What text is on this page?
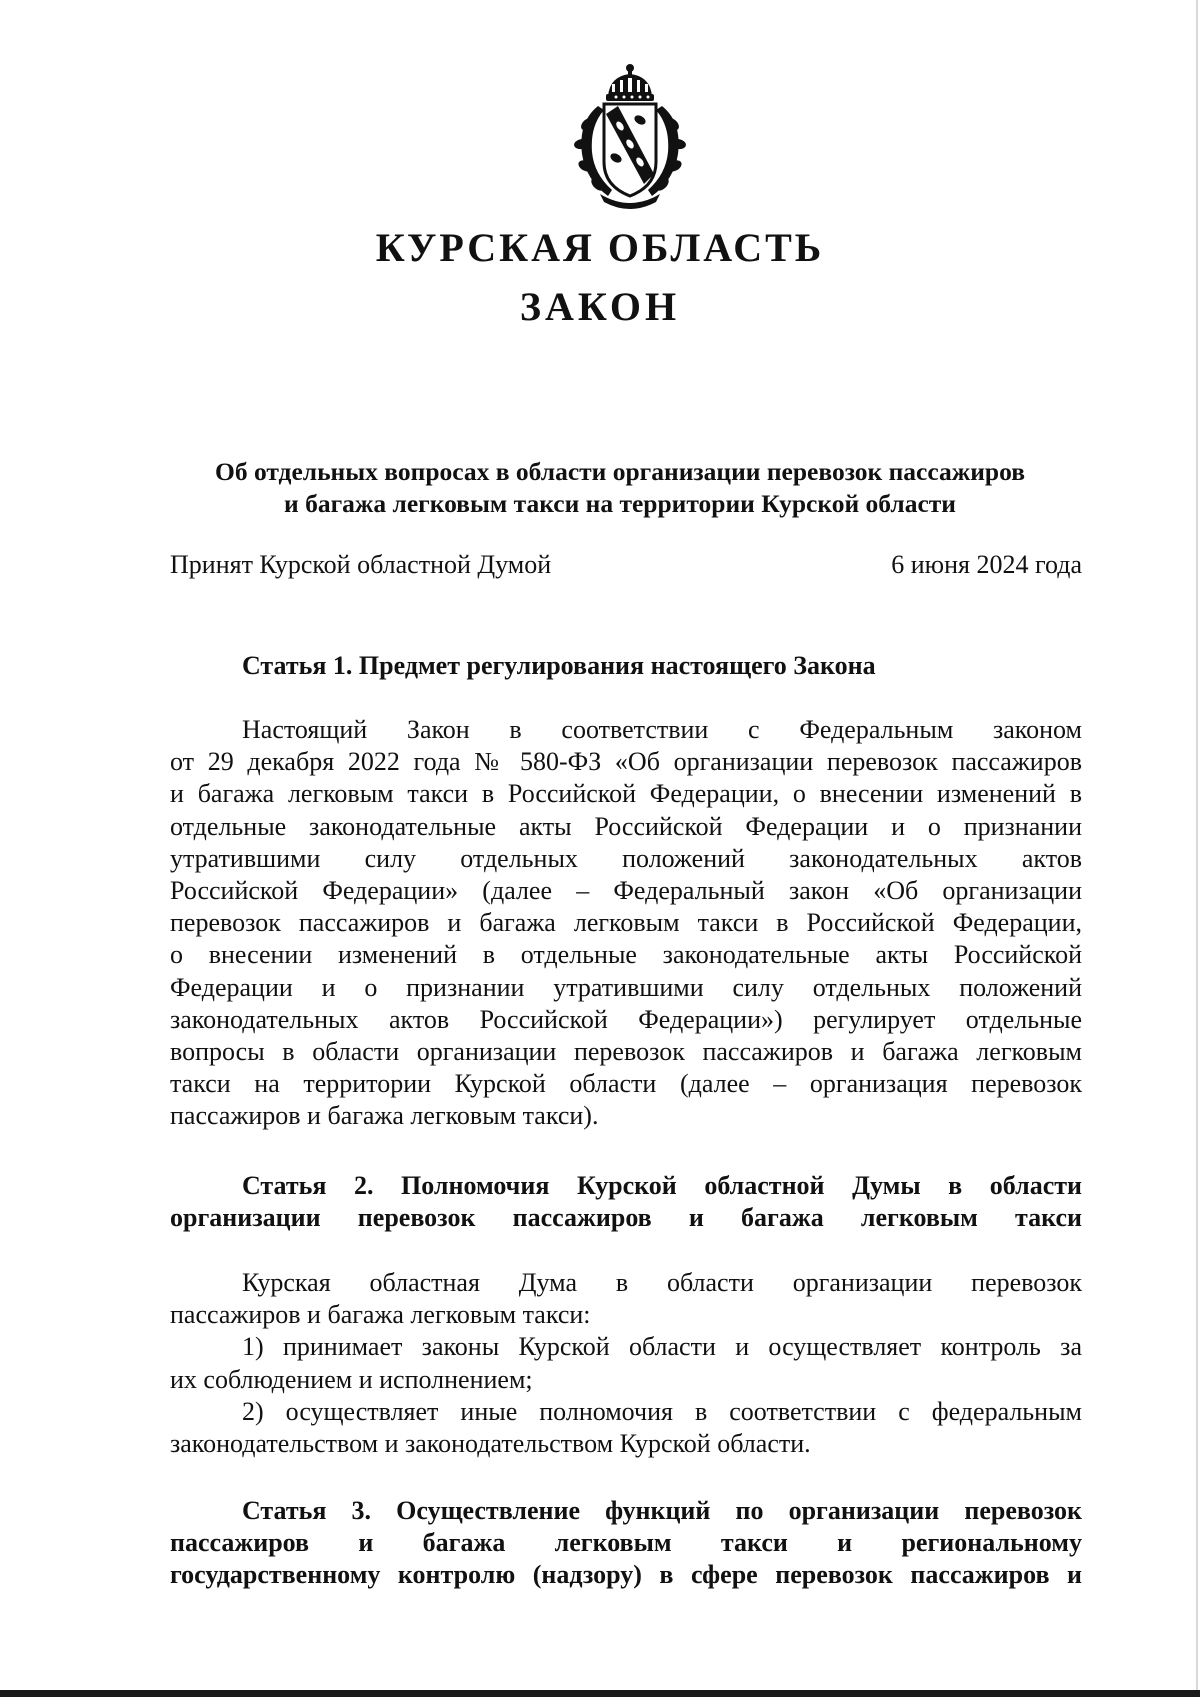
КУРСКАЯ ОБЛАСТЬ
ЗАКОН
Об отдельных вопросах в области организации перевозок пассажиров
и багажа легковым такси на территории Курской области
Принят Курской областной Думой	6 июня 2024 года
Статья 1. Предмет регулирования настоящего Закона
Настоящий Закон в соответствии с Федеральным законом
от 29 декабря 2022 года № 580-ФЗ «Об организации перевозок пассажиров
и багажа легковым такси в Российской Федерации, о внесении изменений в
отдельные законодательные акты Российской Федерации и о признании
утратившими силу отдельных положений законодательных актов
Российской Федерации» (далее – Федеральный закон «Об организации
перевозок пассажиров и багажа легковым такси в Российской Федерации,
о внесении изменений в отдельные законодательные акты Российской
Федерации и о признании утратившими силу отдельных положений
законодательных актов Российской Федерации») регулирует отдельные
вопросы в области организации перевозок пассажиров и багажа легковым
такси на территории Курской области (далее – организация перевозок
пассажиров и багажа легковым такси).
Статья 2. Полномочия Курской областной Думы в области
организации перевозок пассажиров и багажа легковым такси
Курская областная Дума в области организации перевозок
пассажиров и багажа легковым такси:
1) принимает законы Курской области и осуществляет контроль за
их соблюдением и исполнением;
2) осуществляет иные полномочия в соответствии с федеральным
законодательством и законодательством Курской области.
Статья 3. Осуществление функций по организации перевозок
пассажиров и багажа легковым такси и региональному
государственному контролю (надзору) в сфере перевозок пассажиров и
